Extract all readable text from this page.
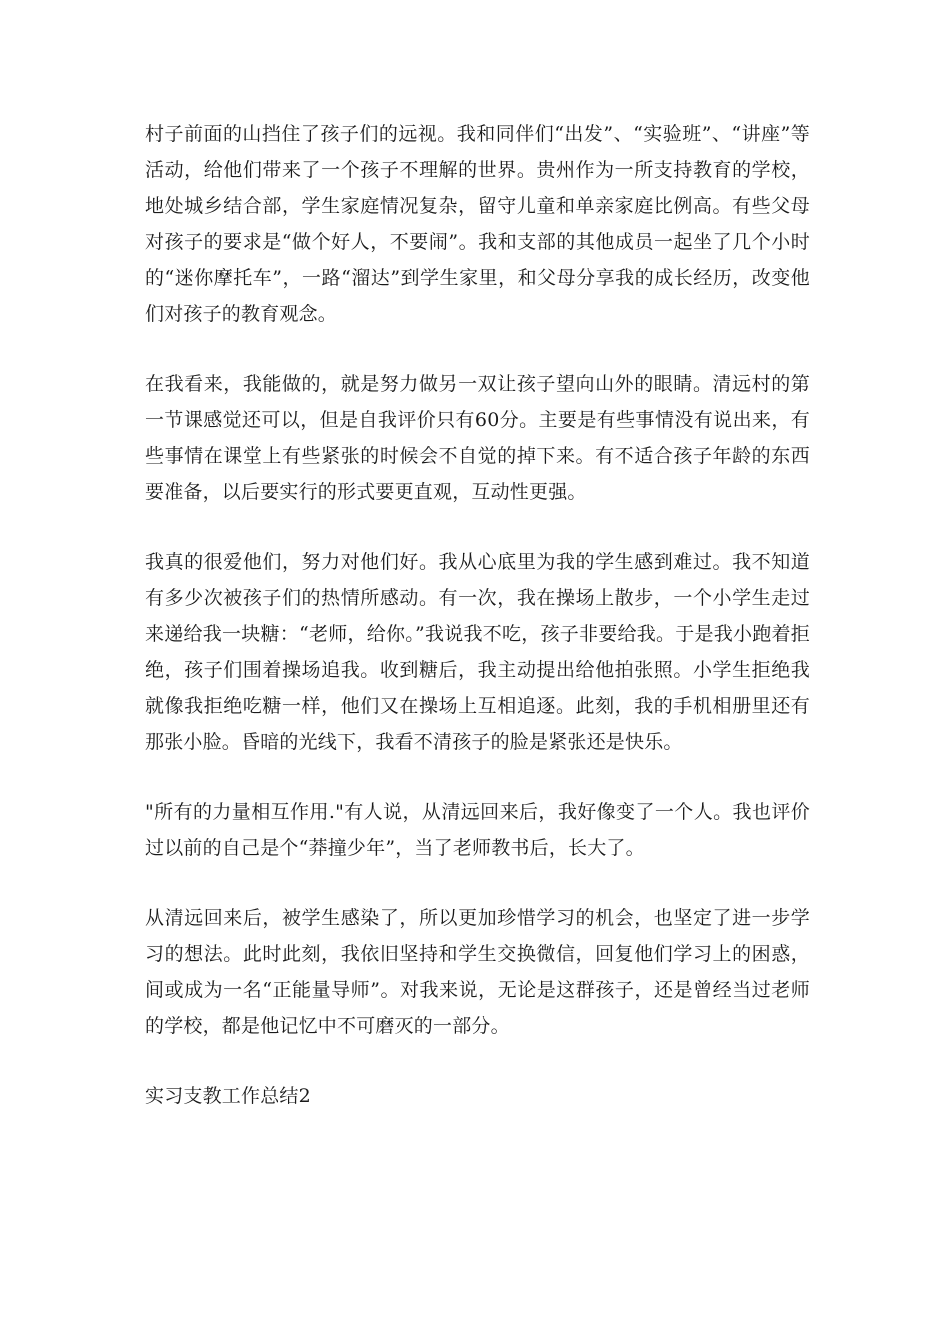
村子前面的山挡住了孩子们的远视。我和同伴们“出发”、“实验班”、“讲座”等活动，给他们带来了一个孩子不理解的世界。贵州作为一所支持教育的学校，地处城乡结合部，学生家庭情况复杂，留守儿童和单亲家庭比例高。有些父母对孩子的要求是“做个好人，不要闹”。我和支部的其他成员一起坐了几个小时的“迷你摩托车”，一路“溜达”到学生家里，和父母分享我的成长经历，改变他们对孩子的教育观念。

在我看来，我能做的，就是努力做另一双让孩子望向山外的眼睛。清远村的第一节课感觉还可以，但是自我评价只有60分。主要是有些事情没有说出来，有些事情在课堂上有些紧张的时候会不自觉的掉下来。有不适合孩子年龄的东西要准备，以后要实行的形式要更直观，互动性更强。

我真的很爱他们，努力对他们好。我从心底里为我的学生感到难过。我不知道有多少次被孩子们的热情所感动。有一次，我在操场上散步，一个小学生走过来递给我一块糖：“老师，给你。”我说我不吃，孩子非要给我。于是我小跑着拒绝，孩子们围着操场追我。收到糖后，我主动提出给他拍张照。小学生拒绝我就像我拒绝吃糖一样，他们又在操场上互相追逐。此刻，我的手机相册里还有那张小脸。昏暗的光线下，我看不清孩子的脸是紧张还是快乐。

"所有的力量相互作用."有人说，从清远回来后，我好像变了一个人。我也评价过以前的自己是个“莽撞少年”，当了老师教书后，长大了。

从清远回来后，被学生感染了，所以更加珍惜学习的机会，也坚定了进一步学习的想法。此时此刻，我依旧坚持和学生交换微信，回复他们学习上的困惑，间或成为一名“正能量导师”。对我来说，无论是这群孩子，还是曾经当过老师的学校，都是他记忆中不可磨灭的一部分。

实习支教工作总结2
